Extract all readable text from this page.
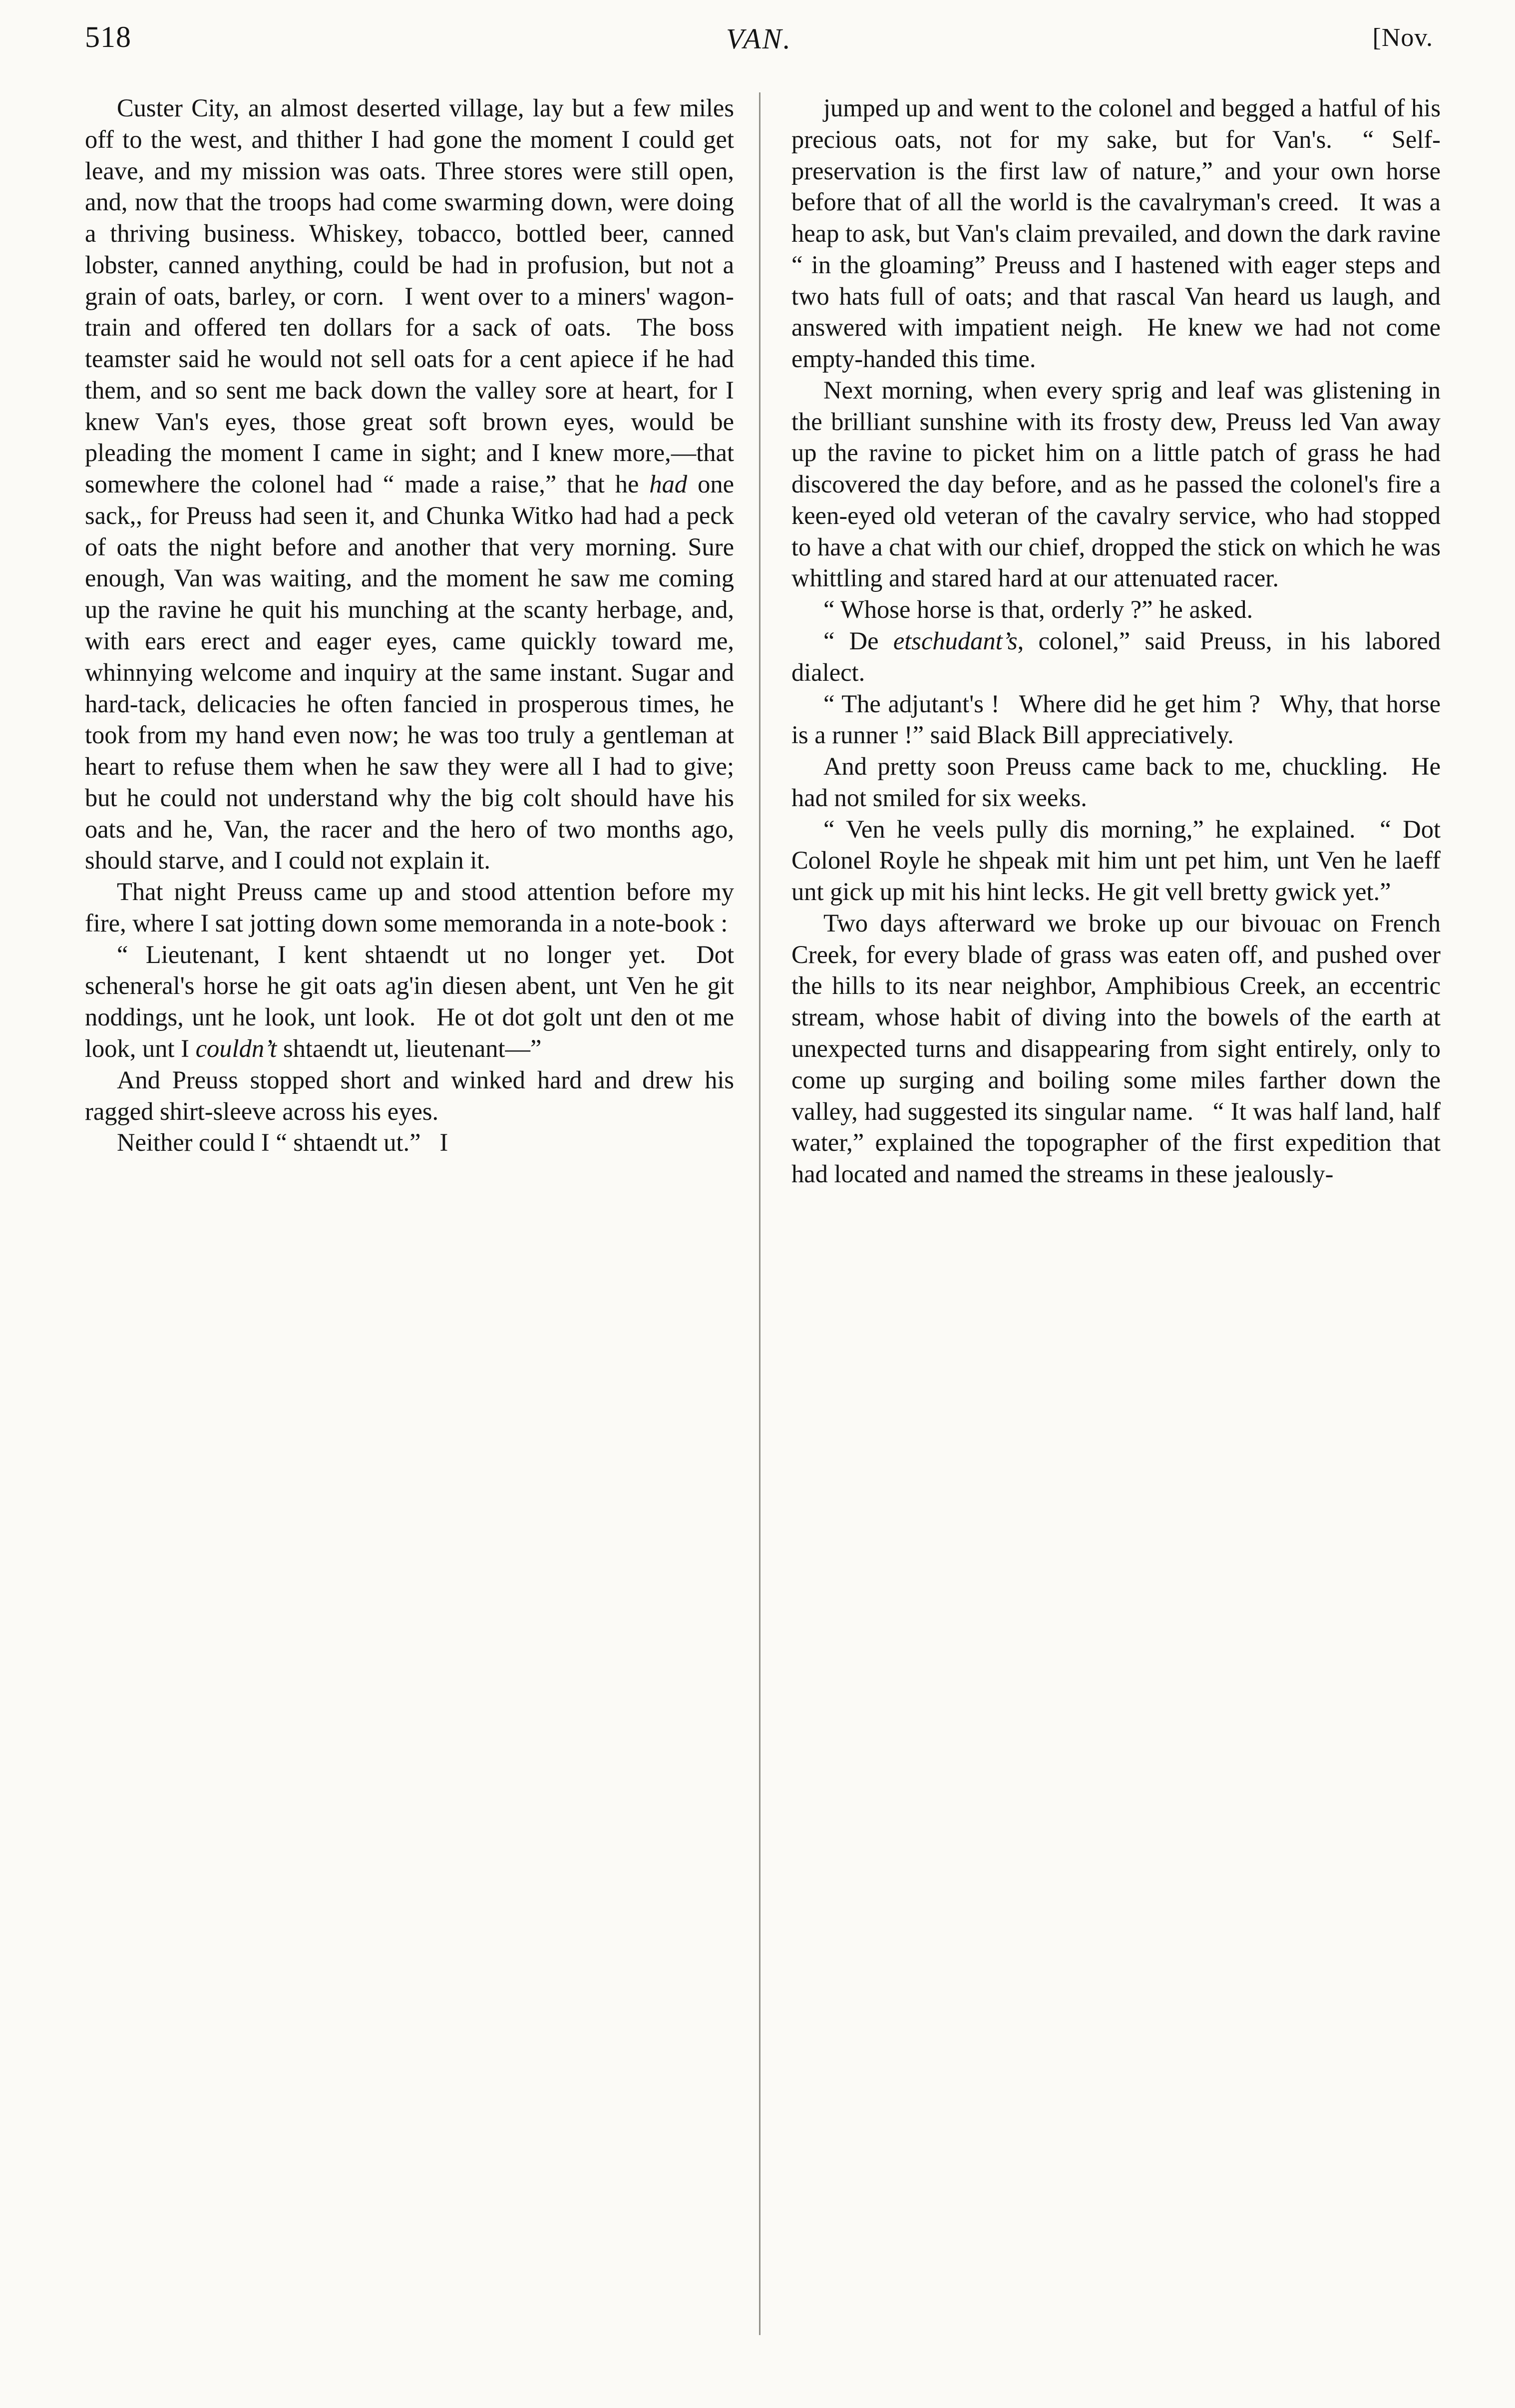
518	VAN.	[Nov.

Custer City, an almost deserted village, lay but a few miles off to the west, and thither I had gone the moment I could get leave, and my mission was oats. Three stores were still open, and, now that the troops had come swarming down, were doing a thriving business. Whiskey, tobacco, bottled beer, canned lobster, canned anything, could be had in profusion, but not a grain of oats, barley, or corn.  I went over to a miners' wagon-train and offered ten dollars for a sack of oats.  The boss teamster said he would not sell oats for a cent apiece if he had them, and so sent me back down the valley sore at heart, for I knew Van's eyes, those great soft brown eyes, would be pleading the moment I came in sight; and I knew more,—that somewhere the colonel had “ made a raise,” that he had one sack,, for Preuss had seen it, and Chunka Witko had had a peck of oats the night before and another that very morning. Sure enough, Van was waiting, and the moment he saw me coming up the ravine he quit his munching at the scanty herbage, and, with ears erect and eager eyes, came quickly toward me, whinnying welcome and inquiry at the same instant. Sugar and hard-tack, delicacies he often fancied in prosperous times, he took from my hand even now; he was too truly a gentleman at heart to refuse them when he saw they were all I had to give; but he could not understand why the big colt should have his oats and he, Van, the racer and the hero of two months ago, should starve, and I could not explain it.

That night Preuss came up and stood attention before my fire, where I sat jotting down some memoranda in a note-book :

“ Lieutenant, I kent shtaendt ut no longer yet.  Dot scheneral's horse he git oats ag'in diesen abent, unt Ven he git noddings, unt he look, unt look.  He ot dot golt unt den ot me look, unt I couldn’t shtaendt ut, lieutenant—”

And Preuss stopped short and winked hard and drew his ragged shirt-sleeve across his eyes.

Neither could I “ shtaendt ut.”  I

jumped up and went to the colonel and begged a hatful of his precious oats, not for my sake, but for Van's.  “ Self-preservation is the first law of nature,” and your own horse before that of all the world is the cavalryman's creed.  It was a heap to ask, but Van's claim prevailed, and down the dark ravine “ in the gloaming” Preuss and I hastened with eager steps and two hats full of oats; and that rascal Van heard us laugh, and answered with impatient neigh.  He knew we had not come empty-handed this time.

Next morning, when every sprig and leaf was glistening in the brilliant sunshine with its frosty dew, Preuss led Van away up the ravine to picket him on a little patch of grass he had discovered the day before, and as he passed the colonel's fire a keen-eyed old veteran of the cavalry service, who had stopped to have a chat with our chief, dropped the stick on which he was whittling and stared hard at our attenuated racer.

“ Whose horse is that, orderly ?” he asked.

“ De etschudant’s, colonel,” said Preuss, in his labored dialect.

“ The adjutant's !  Where did he get him ?  Why, that horse is a runner !” said Black Bill appreciatively.

And pretty soon Preuss came back to me, chuckling.  He had not smiled for six weeks.

“ Ven he veels pully dis morning,” he explained.  “ Dot Colonel Royle he shpeak mit him unt pet him, unt Ven he laeff unt gick up mit his hint lecks. He git vell bretty gwick yet.”

Two days afterward we broke up our bivouac on French Creek, for every blade of grass was eaten off, and pushed over the hills to its near neighbor, Amphibious Creek, an eccentric stream, whose habit of diving into the bowels of the earth at unexpected turns and disappearing from sight entirely, only to come up surging and boiling some miles farther down the valley, had suggested its singular name.  “ It was half land, half water,” explained the topographer of the first expedition that had located and named the streams in these jealously-
